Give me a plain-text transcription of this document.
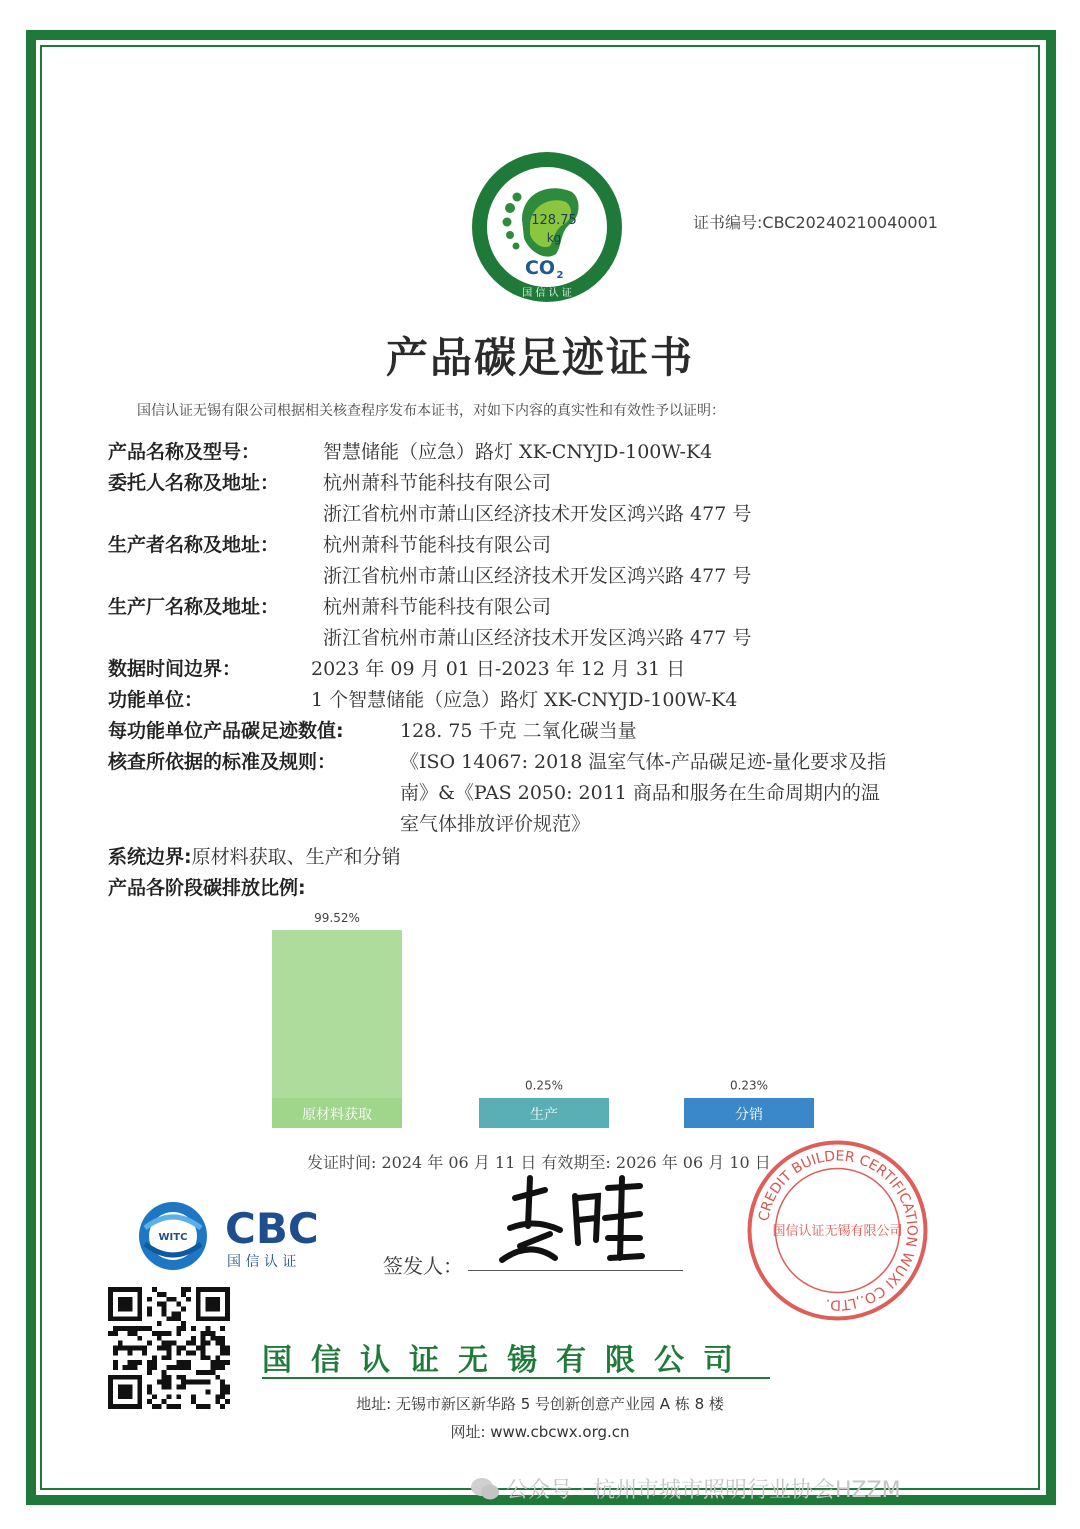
128.75
kg
CO 2
国 信 认 证
证书编号:CBC20240210040001
产品碳足迹证书
国信认证无锡有限公司根据相关核查程序发布本证书，对如下内容的真实性和有效性予以证明：
产品名称及型号：	智慧储能（应急）路灯 XK-CNYJD-100W-K4
委托人名称及地址： 杭州萧科节能科技有限公司
浙江省杭州市萧山区经济技术开发区鸿兴路 477 号
生产者名称及地址： 杭州萧科节能科技有限公司
浙江省杭州市萧山区经济技术开发区鸿兴路 477 号
生产厂名称及地址： 杭州萧科节能科技有限公司
浙江省杭州市萧山区经济技术开发区鸿兴路 477 号
数据时间边界：	2023 年 09 月 01 日-2023 年 12 月 31 日
功能单位：	1 个智慧储能（应急）路灯 XK-CNYJD-100W-K4
每功能单位产品碳足迹数值:	128. 75 千克 二氧化碳当量
核查所依据的标准及规则：	《ISO 14067: 2018 温室气体-产品碳足迹-量化要求及指
南》&《PAS 2050: 2011 商品和服务在生命周期内的温
室气体排放评价规范》
系统边界:原材料获取、生产和分销
产品各阶段碳排放比例:
原材料获取
99.52%
生产
0.25%
分销
0.23%
发证时间: 2024 年 06 月 11 日 有效期至: 2026 年 06 月 10 日
WITC CBC
国 信 认 证	签发人：
CREDIT BUILDER CERTIFICATION WUXI CO.,LTD.
国信认证无锡有限公司
国信认证无锡有限公司
地址: 无锡市新区新华路 5 号创新创意产业园 A 栋 8 楼
网址: www.cbcwx.org.cn
公众号 · 杭州市城市照明行业协会HZZM
